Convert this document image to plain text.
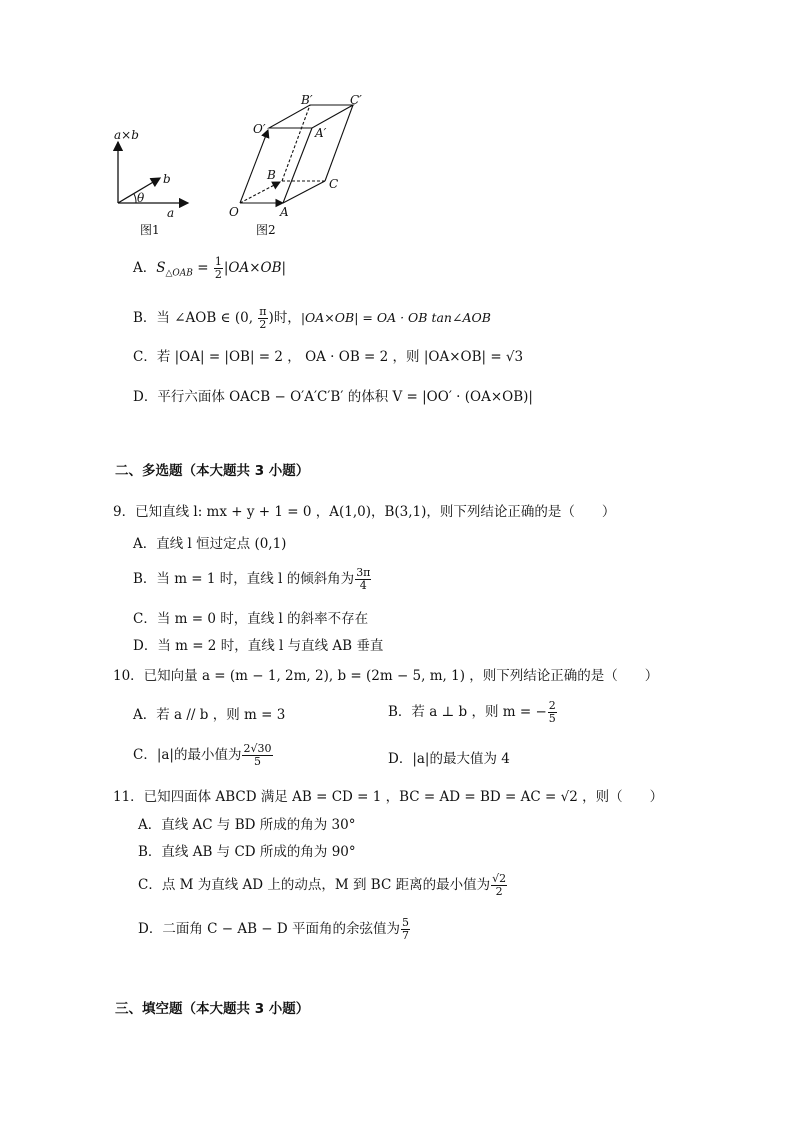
a×b
b
a
θ
图1
B′	C′
O′	A′
B
C
O	A
图2
A．$S_{\triangle OAB} = \frac{1}{2} |OA\times OB|$
B．当 ∠AOB ∈ (0, $\frac{\pi}{2}$ )时，|OA×OB| = OA · OB tan∠AOB
C．若 |OA| = |OB| = 2 ， OA · OB = 2 ，则 |OA×OB| = √3
D．平行六面体 OACB − O′A′C′B′ 的体积 V = |OO′ · (OA×OB)|
二、多选题（本大题共 3 小题）
9．已知直线 l: mx + y + 1 = 0 ，A(1,0)，B(3,1)，则下列结论正确的是（　　）
A．直线 l 恒过定点 (0,1)
B．当 m = 1 时，直线 l 的倾斜角为 $\frac{3\pi}{4}$
C．当 m = 0 时，直线 l 的斜率不存在
D．当 m = 2 时，直线 l 与直线 AB 垂直
10．已知向量 a = (m − 1, 2m, 2), b = (2m − 5, m, 1) ，则下列结论正确的是（　　）
A．若 a // b ，则 m = 3	B．若 a ⊥ b ，则 m = − $\frac{2}{5}$
C．|a|的最小值为 $\frac{2√30}{5}$	D．|a|的最大值为 4
11．已知四面体 ABCD 满足 AB = CD = 1 ，BC = AD = BD = AC = √2 ，则（　　）
A．直线 AC 与 BD 所成的角为 30°
B．直线 AB 与 CD 所成的角为 90°
C．点 M 为直线 AD 上的动点，M 到 BC 距离的最小值为 $\frac{√2}{2}$
D．二面角 C − AB − D 平面角的余弦值为 $\frac{5}{7}$
三、填空题（本大题共 3 小题）
